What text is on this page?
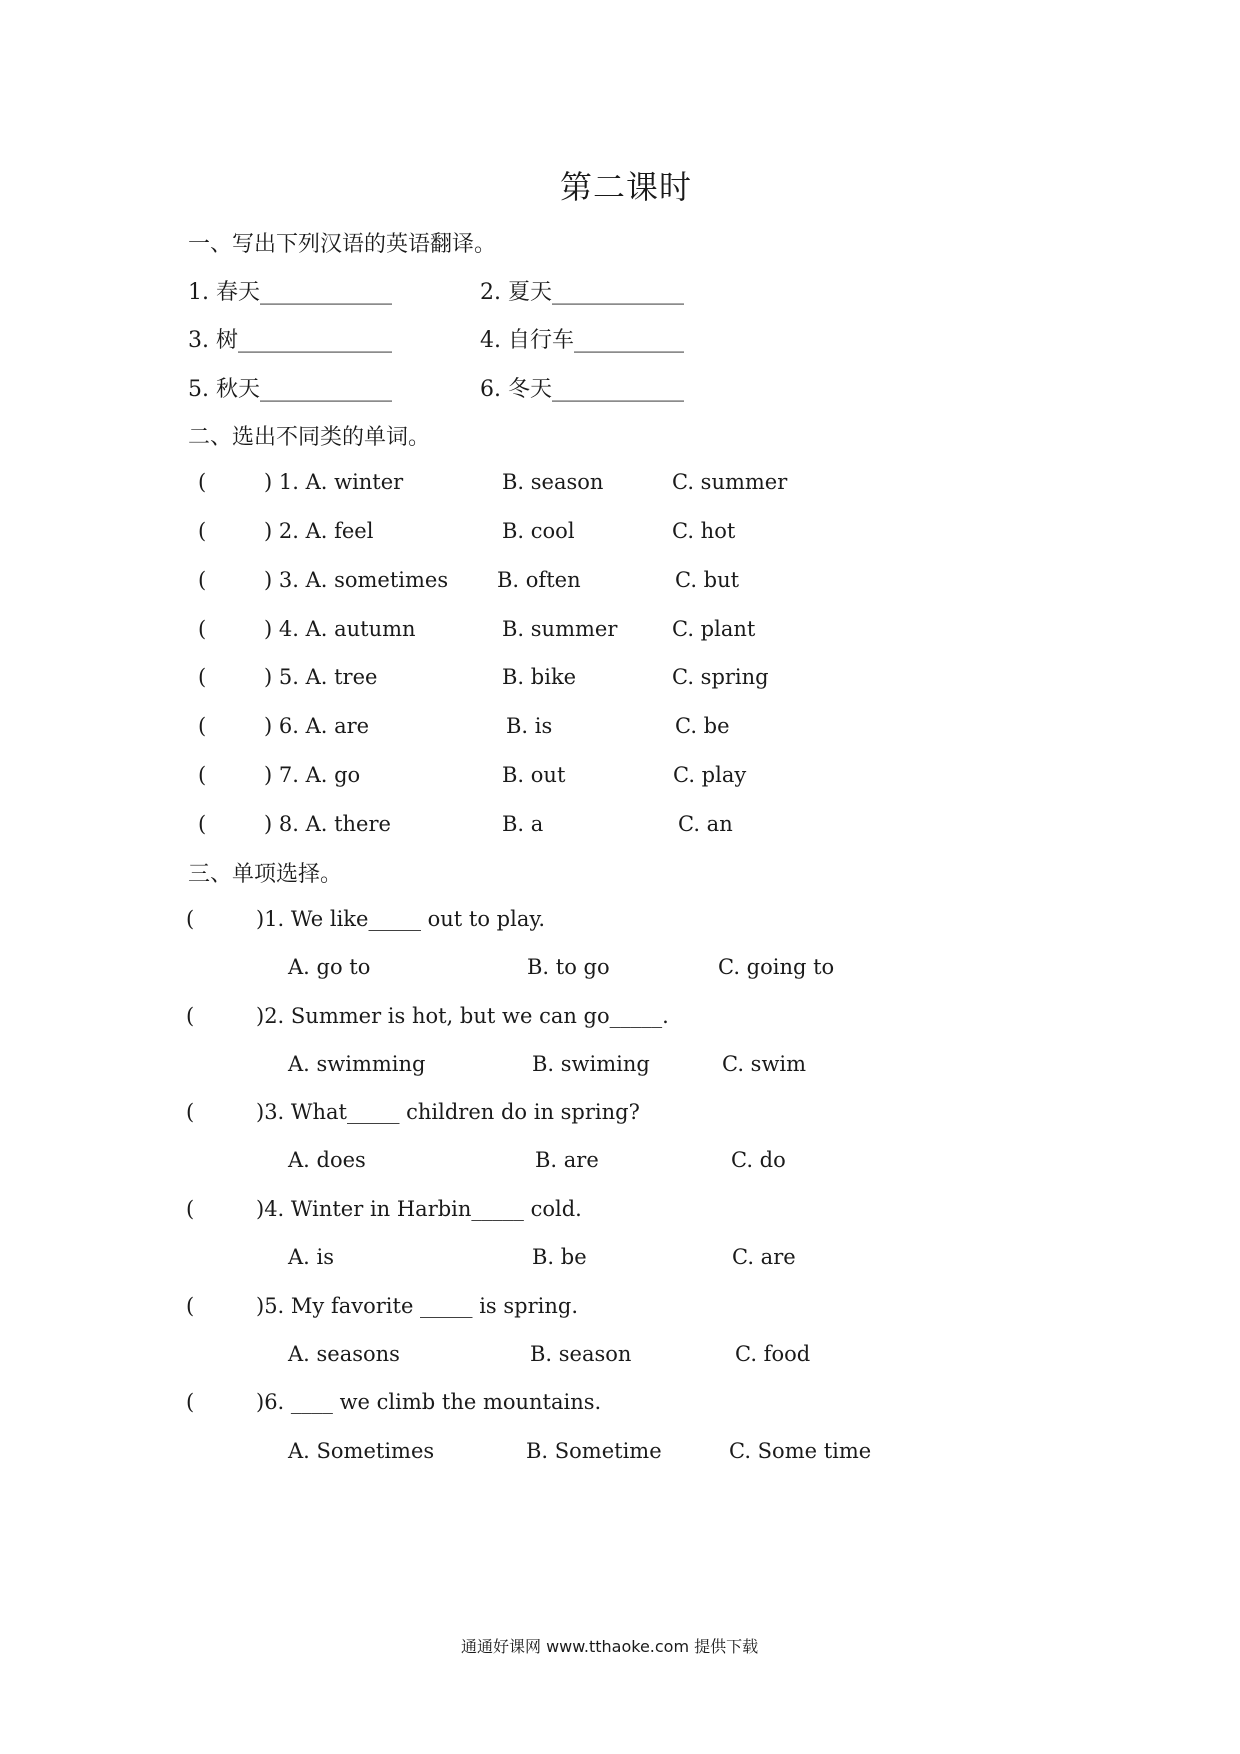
第二课时
一、写出下列汉语的英语翻译。
1. 春天____________	2. 夏天____________
3. 树______________	4. 自行车__________
5. 秋天____________	6. 冬天____________
二、选出不同类的单词。
(	) 1. A. winter	B. season	C. summer
(	) 2. A. feel	B. cool	C. hot
(	) 3. A. sometimes B. often	C. but
(	) 4. A. autumn	B. summer	C. plant
(	) 5. A. tree	B. bike	C. spring
(	) 6. A. are	B. is	C. be
(	) 7. A. go	B. out	C. play
(	) 8. A. there	B. a	C. an
三、单项选择。
(	)1. We like_____ out to play.
A. go to	B. to go	C. going to
(	)2. Summer is hot, but we can go_____.
A. swimming	B. swiming	C. swim
(	)3. What_____ children do in spring?
A. does	B. are	C. do
(	)4. Winter in Harbin_____ cold.
A. is	B. be	C. are
(	)5. My favorite _____ is spring.
A. seasons	B. season	C. food
(	)6. ____ we climb the mountains.
A. Sometimes	B. Sometime	C. Some time
通通好课网 www.tthaoke.com 提供下载
